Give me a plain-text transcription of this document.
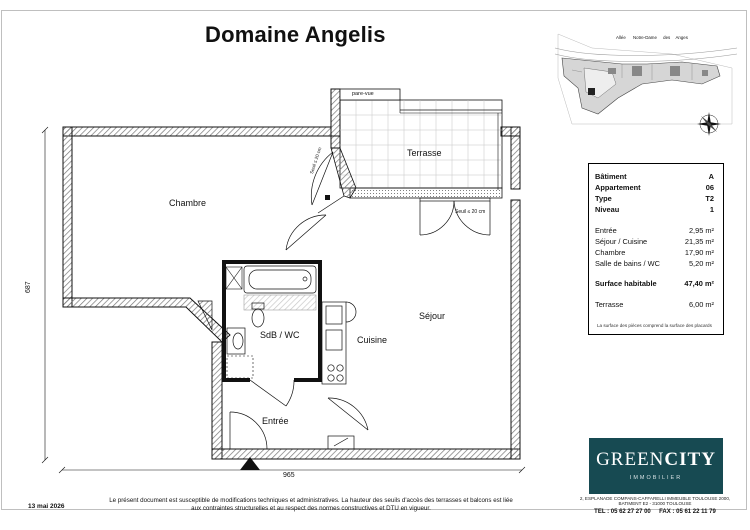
Domaine Angelis
Chambre
Terrasse
Séjour
SdB / WC	Cuisine
Entrée
pare-vue
Seuil ≤ 20 cm
Seuil ≤ 20 cm
LL
965
687
Allée Notre-Dame des Anges
Bâtiment	A
Appartement	06
Type	T2
Niveau	1
Entrée	2,95 m²
Séjour / Cuisine	21,35 m²
Chambre	17,90 m²
Salle de bains / WC	5,20 m²
Surface habitable	47,40 m²
Terrasse	6,00 m²
La surface des pièces comprend la surface des placards
13 mai 2026
Le présent document est susceptible de modifications techniques et administratives. La hauteur des seuils d'accès des terrasses et balcons est liée aux contraintes structurelles et au respect des normes constructives et DTU en vigueur.
GREENCITY
IMMOBILIER
2, ESPLANADE COMPANS-CAFFARELLI IMMEUBLE TOULOUSE 2000, BATIMENT E2 - 31000 TOULOUSE
TEL : 05 62 27 27 00     FAX : 05 61 22 11 79
